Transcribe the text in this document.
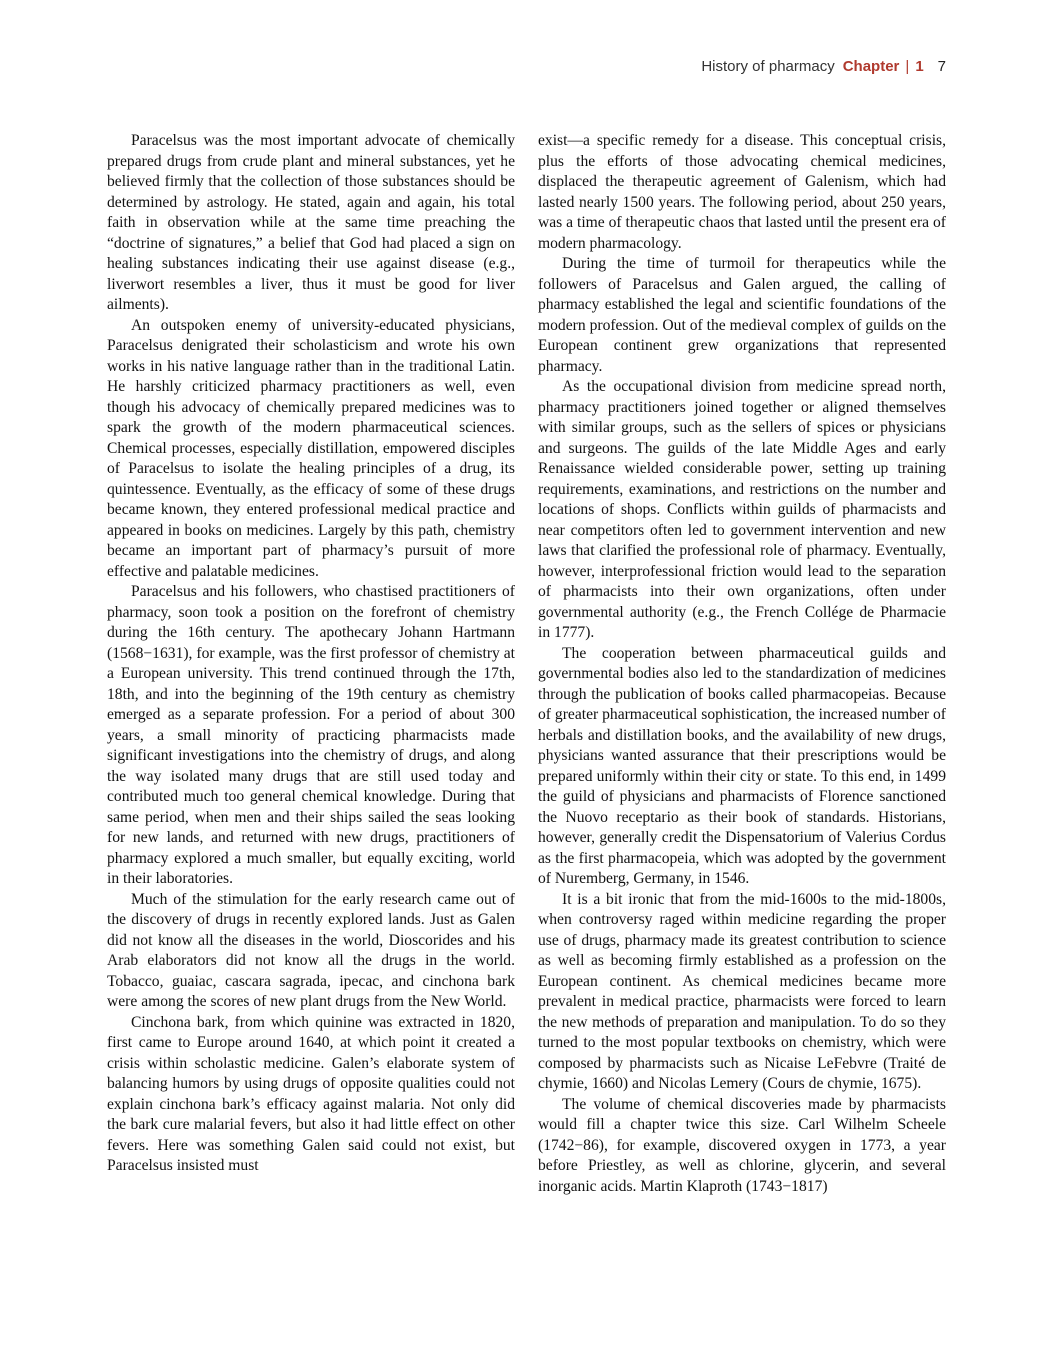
History of pharmacy Chapter | 1 7

Paracelsus was the most important advocate of chemically prepared drugs from crude plant and mineral substances, yet he believed firmly that the collection of those substances should be determined by astrology. He stated, again and again, his total faith in observation while at the same time preaching the “doctrine of signatures,” a belief that God had placed a sign on healing substances indicating their use against disease (e.g., liverwort resembles a liver, thus it must be good for liver ailments).

An outspoken enemy of university-educated physicians, Paracelsus denigrated their scholasticism and wrote his own works in his native language rather than in the traditional Latin. He harshly criticized pharmacy practitioners as well, even though his advocacy of chemically prepared medicines was to spark the growth of the modern pharmaceutical sciences. Chemical processes, especially distillation, empowered disciples of Paracelsus to isolate the healing principles of a drug, its quintessence. Eventually, as the efficacy of some of these drugs became known, they entered professional medical practice and appeared in books on medicines. Largely by this path, chemistry became an important part of pharmacy’s pursuit of more effective and palatable medicines.

Paracelsus and his followers, who chastised practitioners of pharmacy, soon took a position on the forefront of chemistry during the 16th century. The apothecary Johann Hartmann (1568−1631), for example, was the first professor of chemistry at a European university. This trend continued through the 17th, 18th, and into the beginning of the 19th century as chemistry emerged as a separate profession. For a period of about 300 years, a small minority of practicing pharmacists made significant investigations into the chemistry of drugs, and along the way isolated many drugs that are still used today and contributed much too general chemical knowledge. During that same period, when men and their ships sailed the seas looking for new lands, and returned with new drugs, practitioners of pharmacy explored a much smaller, but equally exciting, world in their laboratories.

Much of the stimulation for the early research came out of the discovery of drugs in recently explored lands. Just as Galen did not know all the diseases in the world, Dioscorides and his Arab elaborators did not know all the drugs in the world. Tobacco, guaiac, cascara sagrada, ipecac, and cinchona bark were among the scores of new plant drugs from the New World.

Cinchona bark, from which quinine was extracted in 1820, first came to Europe around 1640, at which point it created a crisis within scholastic medicine. Galen’s elaborate system of balancing humors by using drugs of opposite qualities could not explain cinchona bark’s efficacy against malaria. Not only did the bark cure malarial fevers, but also it had little effect on other fevers. Here was something Galen said could not exist, but Paracelsus insisted must

exist—a specific remedy for a disease. This conceptual crisis, plus the efforts of those advocating chemical medicines, displaced the therapeutic agreement of Galenism, which had lasted nearly 1500 years. The following period, about 250 years, was a time of therapeutic chaos that lasted until the present era of modern pharmacology.

During the time of turmoil for therapeutics while the followers of Paracelsus and Galen argued, the calling of pharmacy established the legal and scientific foundations of the modern profession. Out of the medieval complex of guilds on the European continent grew organizations that represented pharmacy.

As the occupational division from medicine spread north, pharmacy practitioners joined together or aligned themselves with similar groups, such as the sellers of spices or physicians and surgeons. The guilds of the late Middle Ages and early Renaissance wielded considerable power, setting up training requirements, examinations, and restrictions on the number and locations of shops. Conflicts within guilds of pharmacists and near competitors often led to government intervention and new laws that clarified the professional role of pharmacy. Eventually, however, interprofessional friction would lead to the separation of pharmacists into their own organizations, often under governmental authority (e.g., the French Collége de Pharmacie in 1777).

The cooperation between pharmaceutical guilds and governmental bodies also led to the standardization of medicines through the publication of books called pharmacopeias. Because of greater pharmaceutical sophistication, the increased number of herbals and distillation books, and the availability of new drugs, physicians wanted assurance that their prescriptions would be prepared uniformly within their city or state. To this end, in 1499 the guild of physicians and pharmacists of Florence sanctioned the Nuovo receptario as their book of standards. Historians, however, generally credit the Dispensatorium of Valerius Cordus as the first pharmacopeia, which was adopted by the government of Nuremberg, Germany, in 1546.

It is a bit ironic that from the mid-1600s to the mid-1800s, when controversy raged within medicine regarding the proper use of drugs, pharmacy made its greatest contribution to science as well as becoming firmly established as a profession on the European continent. As chemical medicines became more prevalent in medical practice, pharmacists were forced to learn the new methods of preparation and manipulation. To do so they turned to the most popular textbooks on chemistry, which were composed by pharmacists such as Nicaise LeFebvre (Traité de chymie, 1660) and Nicolas Lemery (Cours de chymie, 1675).

The volume of chemical discoveries made by pharmacists would fill a chapter twice this size. Carl Wilhelm Scheele (1742−86), for example, discovered oxygen in 1773, a year before Priestley, as well as chlorine, glycerin, and several inorganic acids. Martin Klaproth (1743−1817)
